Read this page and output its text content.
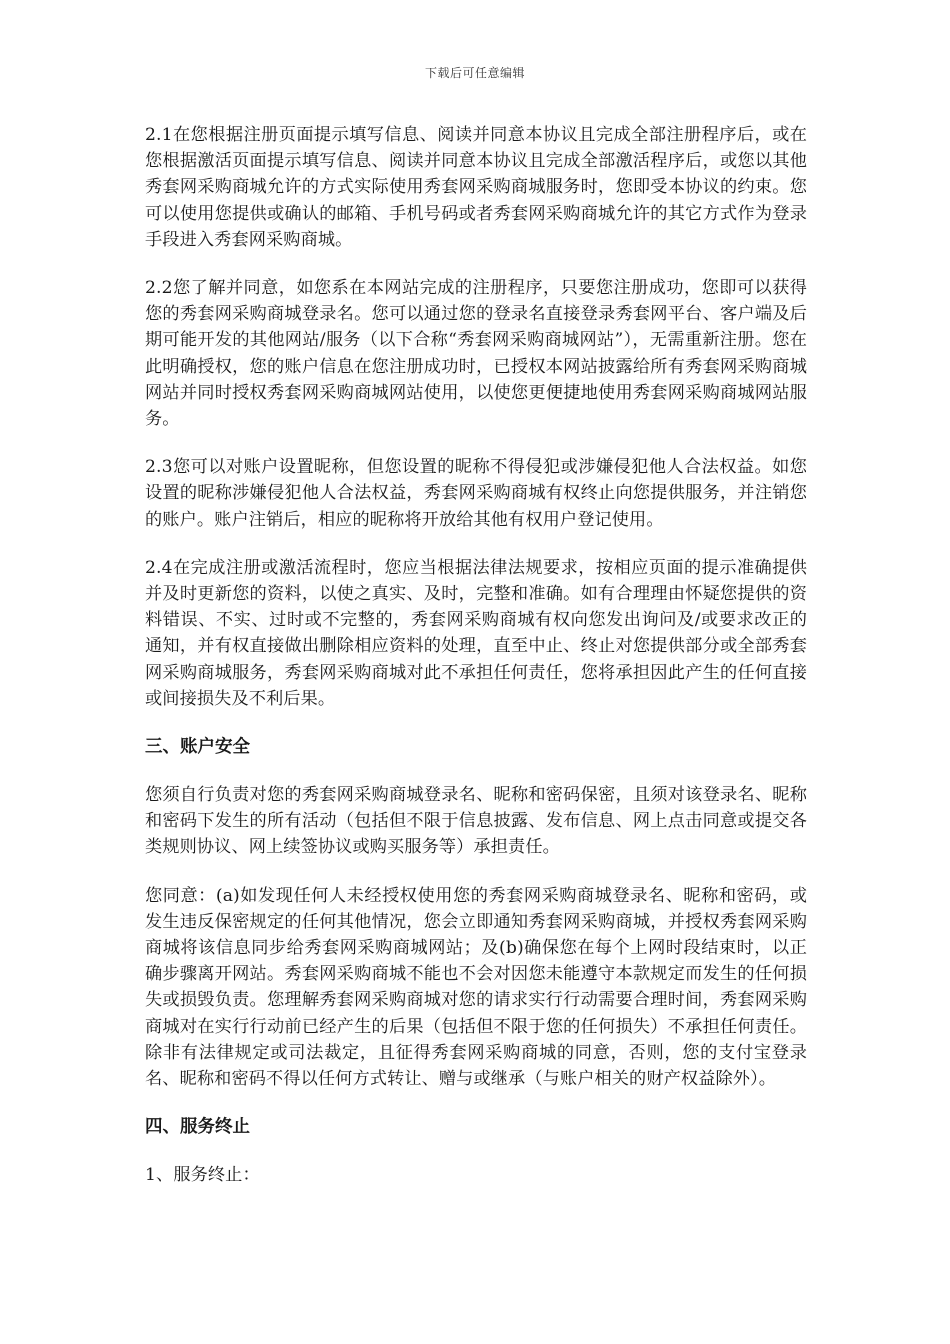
下载后可任意编辑

2.1在您根据注册页面提示填写信息、阅读并同意本协议且完成全部注册程序后，或在您根据激活页面提示填写信息、阅读并同意本协议且完成全部激活程序后，或您以其他秀套网采购商城允许的方式实际使用秀套网采购商城服务时，您即受本协议的约束。您可以使用您提供或确认的邮箱、手机号码或者秀套网采购商城允许的其它方式作为登录手段进入秀套网采购商城。

2.2您了解并同意，如您系在本网站完成的注册程序，只要您注册成功，您即可以获得您的秀套网采购商城登录名。您可以通过您的登录名直接登录秀套网平台、客户端及后期可能开发的其他网站/服务（以下合称“秀套网采购商城网站”），无需重新注册。您在此明确授权，您的账户信息在您注册成功时，已授权本网站披露给所有秀套网采购商城网站并同时授权秀套网采购商城网站使用，以使您更便捷地使用秀套网采购商城网站服务。

2.3您可以对账户设置昵称，但您设置的昵称不得侵犯或涉嫌侵犯他人合法权益。如您设置的昵称涉嫌侵犯他人合法权益，秀套网采购商城有权终止向您提供服务，并注销您的账户。账户注销后，相应的昵称将开放给其他有权用户登记使用。

2.4在完成注册或激活流程时，您应当根据法律法规要求，按相应页面的提示准确提供并及时更新您的资料，以使之真实、及时，完整和准确。如有合理理由怀疑您提供的资料错误、不实、过时或不完整的，秀套网采购商城有权向您发出询问及/或要求改正的通知，并有权直接做出删除相应资料的处理，直至中止、终止对您提供部分或全部秀套网采购商城服务，秀套网采购商城对此不承担任何责任，您将承担因此产生的任何直接或间接损失及不利后果。

三、账户安全

您须自行负责对您的秀套网采购商城登录名、昵称和密码保密，且须对该登录名、昵称和密码下发生的所有活动（包括但不限于信息披露、发布信息、网上点击同意或提交各类规则协议、网上续签协议或购买服务等）承担责任。

您同意：(a)如发现任何人未经授权使用您的秀套网采购商城登录名、昵称和密码，或发生违反保密规定的任何其他情况，您会立即通知秀套网采购商城，并授权秀套网采购商城将该信息同步给秀套网采购商城网站；及(b)确保您在每个上网时段结束时，以正确步骤离开网站。秀套网采购商城不能也不会对因您未能遵守本款规定而发生的任何损失或损毁负责。您理解秀套网采购商城对您的请求实行行动需要合理时间，秀套网采购商城对在实行行动前已经产生的后果（包括但不限于您的任何损失）不承担任何责任。除非有法律规定或司法裁定，且征得秀套网采购商城的同意，否则，您的支付宝登录名、昵称和密码不得以任何方式转让、赠与或继承（与账户相关的财产权益除外）。

四、服务终止

1、服务终止：
